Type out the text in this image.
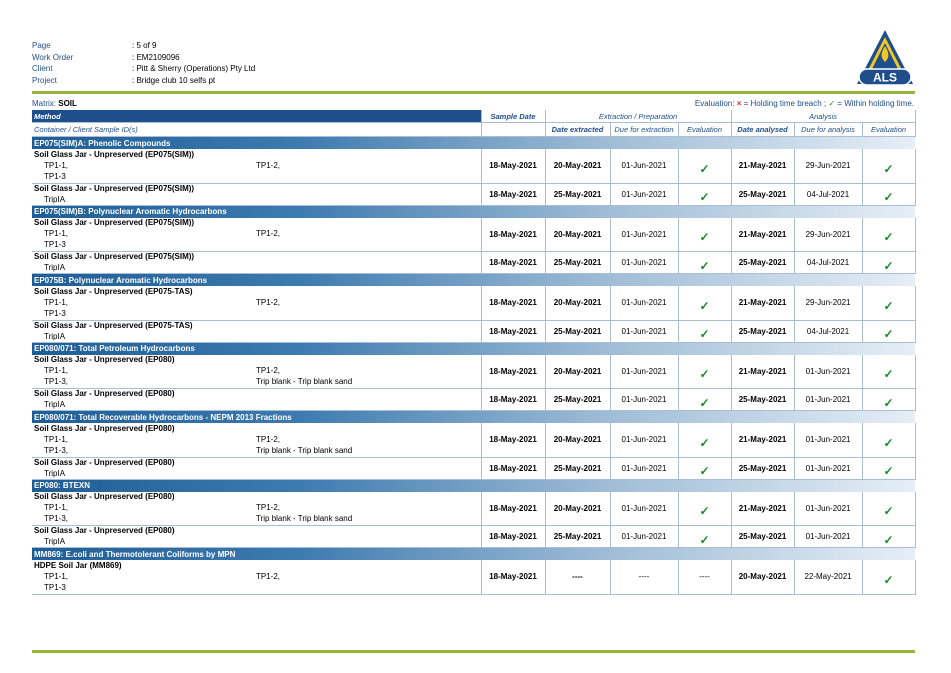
Page	: 5 of 9
Work Order	: EM2109096
Client	: Pitt & Sherry (Operations) Pty Ltd
Project	: Bridge club 10 selfs pt	ALS
Matrix: SOIL	Evaluation: × = Holding time breach ; ✓ = Within holding time.
Method	Sample Date	Extraction / Preparation			Analysis		
Container / Client Sample ID(s)		Date extracted	Due for extraction	Evaluation	Date analysed	Due for analysis	Evaluation
EP075(SIM)A: Phenolic Compounds							

Soil Glass Jar - Unpreserved (EP075(SIM))
TP1-1, TP1-2,
TP1-3	18-May-2021	20-May-2021	01-Jun-2021	✓	21-May-2021	29-Jun-2021	✓

Soil Glass Jar - Unpreserved (EP075(SIM))
TripIA	18-May-2021	25-May-2021	01-Jun-2021	✓	25-May-2021	04-Jul-2021	✓
EP075(SIM)B: Polynuclear Aromatic Hydrocarbons							

Soil Glass Jar - Unpreserved (EP075(SIM))
TP1-1, TP1-2,
TP1-3	18-May-2021	20-May-2021	01-Jun-2021	✓	21-May-2021	29-Jun-2021	✓

Soil Glass Jar - Unpreserved (EP075(SIM))
TripIA	18-May-2021	25-May-2021	01-Jun-2021	✓	25-May-2021	04-Jul-2021	✓
EP075B: Polynuclear Aromatic Hydrocarbons							

Soil Glass Jar - Unpreserved (EP075-TAS)
TP1-1, TP1-2,
TP1-3	18-May-2021	20-May-2021	01-Jun-2021	✓	21-May-2021	29-Jun-2021	✓

Soil Glass Jar - Unpreserved (EP075-TAS)
TripIA	18-May-2021	25-May-2021	01-Jun-2021	✓	25-May-2021	04-Jul-2021	✓
EP080/071: Total Petroleum Hydrocarbons							

Soil Glass Jar - Unpreserved (EP080)
TP1-1, TP1-2,
TP1-3, Trip blank - Trip blank sand	18-May-2021	20-May-2021	01-Jun-2021	✓	21-May-2021	01-Jun-2021	✓

Soil Glass Jar - Unpreserved (EP080)
TripIA	18-May-2021	25-May-2021	01-Jun-2021	✓	25-May-2021	01-Jun-2021	✓
EP080/071: Total Recoverable Hydrocarbons - NEPM 2013 Fractions							

Soil Glass Jar - Unpreserved (EP080)
TP1-1, TP1-2,
TP1-3, Trip blank - Trip blank sand	18-May-2021	20-May-2021	01-Jun-2021	✓	21-May-2021	01-Jun-2021	✓

Soil Glass Jar - Unpreserved (EP080)
TripIA	18-May-2021	25-May-2021	01-Jun-2021	✓	25-May-2021	01-Jun-2021	✓
EP080: BTEXN							

Soil Glass Jar - Unpreserved (EP080)
TP1-1, TP1-2,
TP1-3, Trip blank - Trip blank sand	18-May-2021	20-May-2021	01-Jun-2021	✓	21-May-2021	01-Jun-2021	✓

Soil Glass Jar - Unpreserved (EP080)
TripIA	18-May-2021	25-May-2021	01-Jun-2021	✓	25-May-2021	01-Jun-2021	✓
MM869: E.coli and Thermotolerant Coliforms by MPN							

HDPE Soil Jar (MM869)
TP1-1, TP1-2,
TP1-3	18-May-2021	----	----	----	20-May-2021	22-May-2021	✓
